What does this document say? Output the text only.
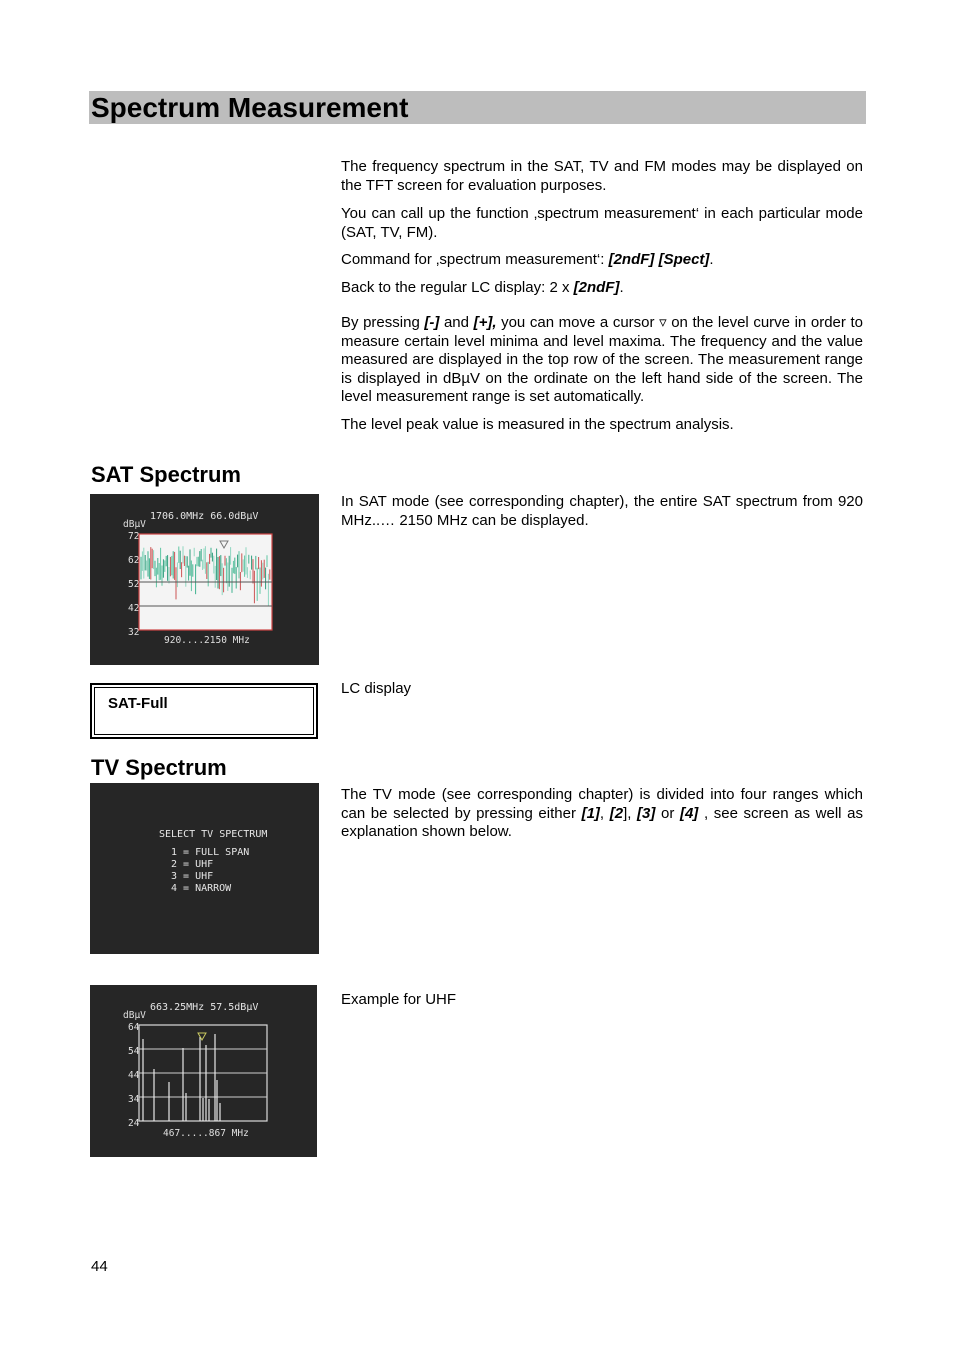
Spectrum Measurement

The frequency spectrum in the SAT, TV and FM modes may be displayed on the TFT screen for evaluation purposes.

You can call up the function ‚spectrum measurement‘ in each particular mode (SAT, TV, FM).

Command for ‚spectrum measurement‘: [2ndF] [Spect].

Back to the regular LC display: 2 x [2ndF].

By pressing [-] and [+], you can move a cursor ▿ on the level curve in order to measure certain level minima and level maxima. The frequency and the value measured are displayed in the top row of the screen. The measurement range is displayed in dBµV on the ordinate on the left hand side of the screen. The level measurement range is set automatically.

The level peak value is measured in the spectrum analysis.

SAT Spectrum
1706.0MHz 66.0dBµV
dBµV
72
62
52
42
32
920....2150 MHz

In SAT mode (see corresponding chapter), the entire SAT spectrum from 920 MHz..… 2150 MHz can be displayed.

SAT-Full

LC display

TV Spectrum
SELECT TV SPECTRUM
1 = FULL SPAN
2 = UHF
3 = UHF
4 = NARROW

The TV mode (see corresponding chapter) is divided into four ranges which can be selected by pressing either [1], [2], [3] or [4] , see screen as well as explanation shown below.

663.25MHz 57.5dBµV
dBµV
64
54
44
34
24
467.....867 MHz

Example for UHF

44
